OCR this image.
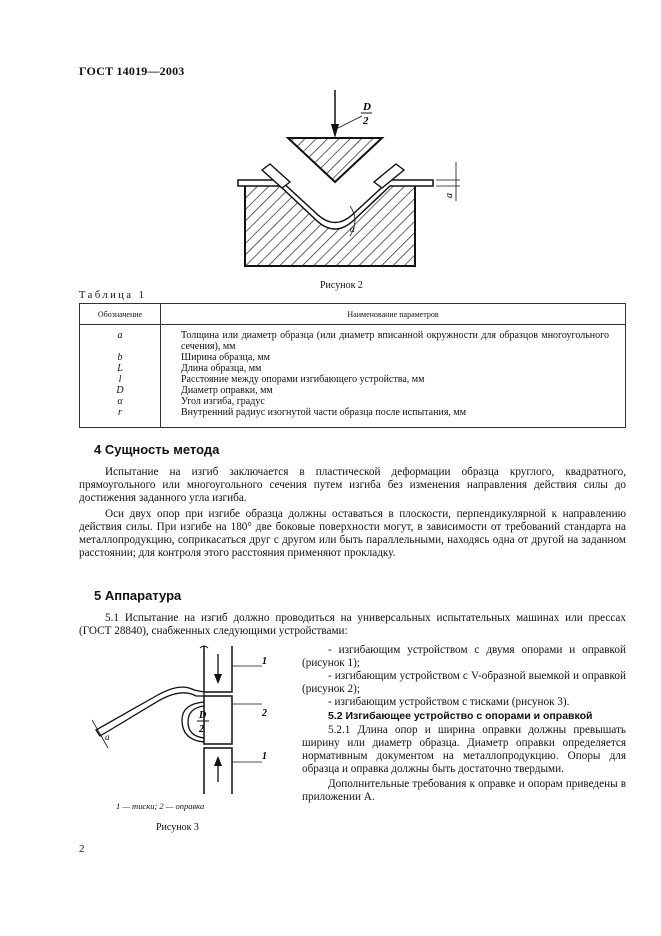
ГОСТ 14019—2003
D
2
a
α
Рисунок 2
Таблица 1
Обозначение	Наименование параметров
a	Толщина или диаметр образца (или диаметр вписанной окружности для образцов многоугольного сечения), мм
b	Ширина образца, мм
L	Длина образца, мм
l	Расстояние между опорами изгибающего устройства, мм
D	Диаметр оправки, мм
α	Угол изгиба, градус
r	Внутренний радиус изогнутой части образца после испытания, мм
4 Сущность метода

Испытание на изгиб заключается в пластической деформации образца круглого, квадратного, прямоугольного или многоугольного сечения путем изгиба без изменения направления действия силы до достижения заданного угла изгиба.

Оси двух опор при изгибе образца должны оставаться в плоскости, перпендикулярной к направлению действия силы. При изгибе на 180° две боковые поверхности могут, в зависимости от требований стандарта на металлопродукцию, соприкасаться друг с другом или быть параллельными, находясь одна от другой на заданном расстоянии; для контроля этого расстояния применяют прокладку.

5 Аппаратура

5.1 Испытание на изгиб должно проводиться на универсальных испытательных машинах или прессах (ГОСТ 28840), снабженных следующими устройствами:

- изгибающим устройством с двумя опорами и оправкой (рисунок 1);

- изгибающим устройством с V-образной выемкой и оправкой (рисунок 2);

- изгибающим устройством с тисками (рисунок 3).

5.2 Изгибающее устройство с опорами и оправкой

5.2.1 Длина опор и ширина оправки должны превышать ширину или диаметр образца. Диаметр оправки определяется нормативным документом на металлопродукцию. Опоры для образца и оправка должны быть достаточно твердыми.

Дополнительные требования к оправке и опорам приведены в приложении А.

a
D
2
1
2
1
1 — тиски; 2 — оправка
Рисунок 3
2
